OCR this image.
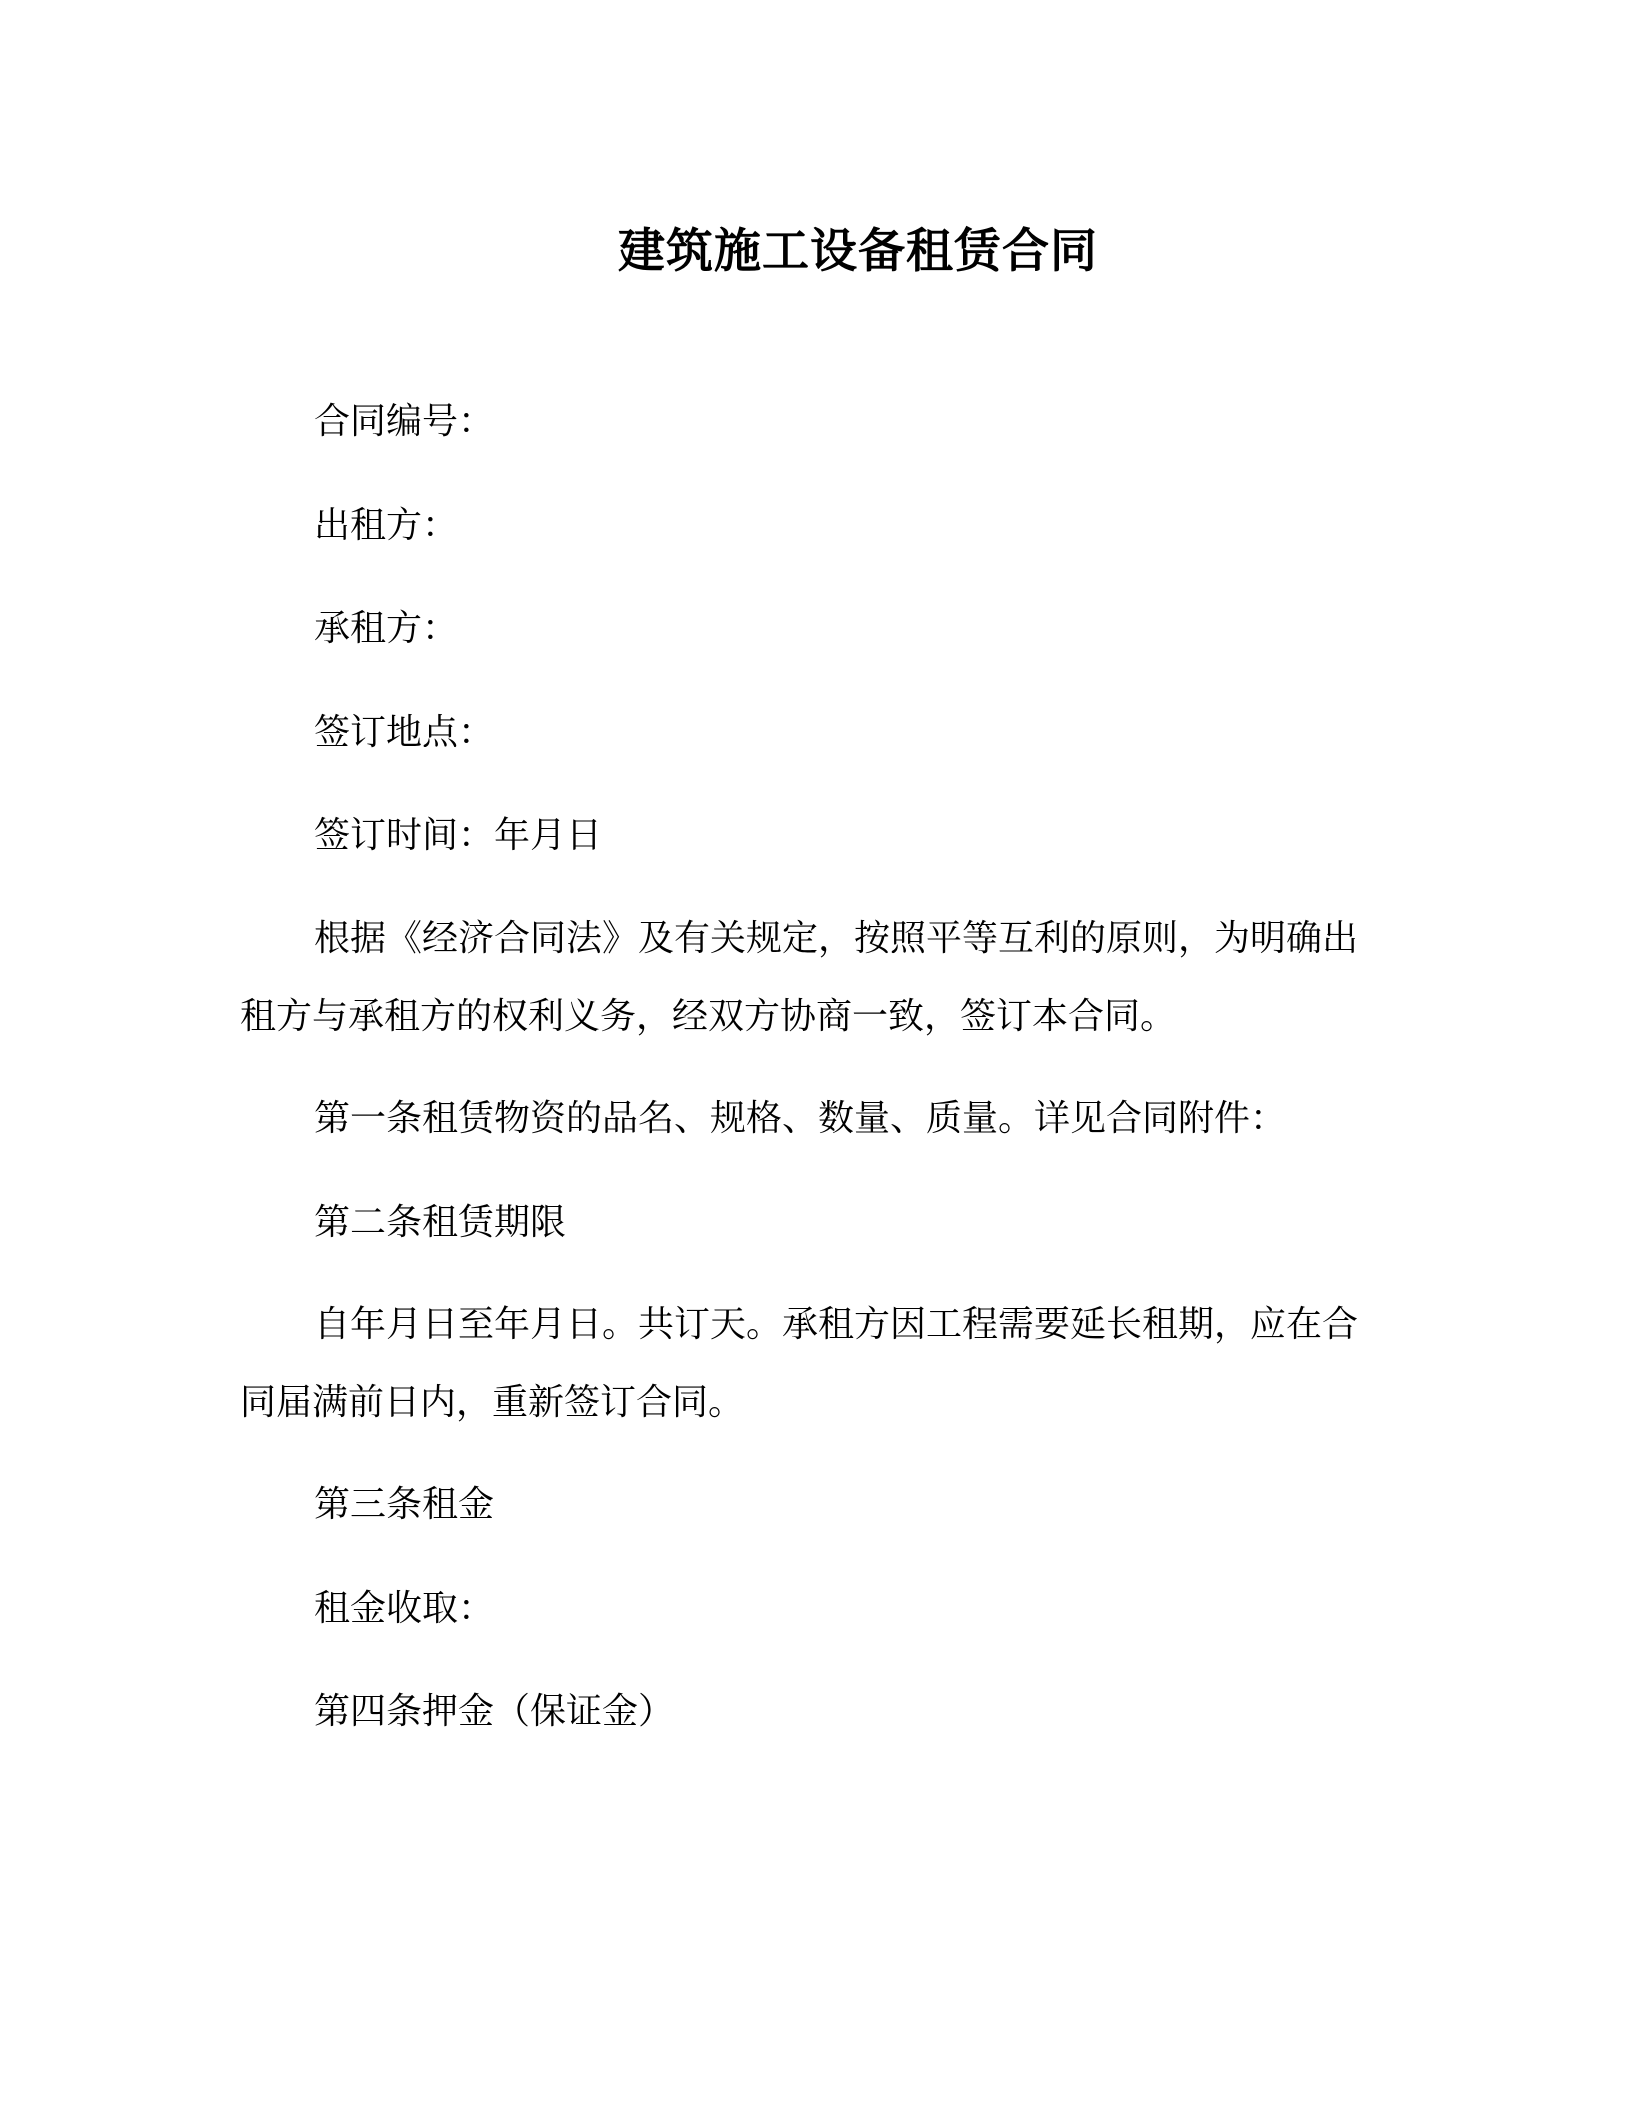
建筑施工设备租赁合同
合同编号：
出租方：
承租方：
签订地点：
签订时间：年月日

根据《经济合同法》及有关规定，按照平等互利的原则，为明确出租方与承租方的权利义务，经双方协商一致，签订本合同。

第一条租赁物资的品名、规格、数量、质量。详见合同附件：
第二条租赁期限

自年月日至年月日。共订天。承租方因工程需要延长租期，应在合同届满前日内，重新签订合同。

第三条租金
租金收取：
第四条押金（保证金）
